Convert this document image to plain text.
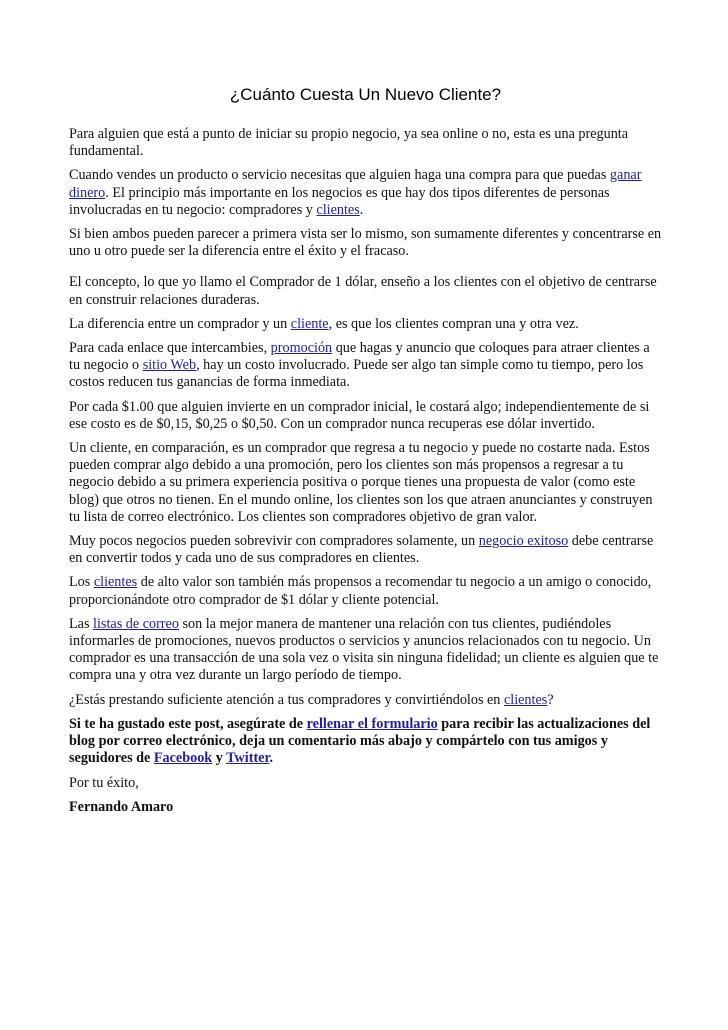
¿Cuánto Cuesta Un Nuevo Cliente?

Para alguien que está a punto de iniciar su propio negocio, ya sea online o no, esta es una pregunta fundamental.

Cuando vendes un producto o servicio necesitas que alguien haga una compra para que puedas ganar dinero. El principio más importante en los negocios es que hay dos tipos diferentes de personas involucradas en tu negocio: compradores y clientes.

Si bien ambos pueden parecer a primera vista ser lo mismo, son sumamente diferentes y concentrarse en uno u otro puede ser la diferencia entre el éxito y el fracaso.

El concepto, lo que yo llamo el Comprador de 1 dólar, enseño a los clientes con el objetivo de centrarse en construir relaciones duraderas.

La diferencia entre un comprador y un cliente, es que los clientes compran una y otra vez.

Para cada enlace que intercambies, promoción que hagas y anuncio que coloques para atraer clientes a tu negocio o sitio Web, hay un costo involucrado. Puede ser algo tan simple como tu tiempo, pero los costos reducen tus ganancias de forma inmediata.

Por cada $1.00 que alguien invierte en un comprador inicial, le costará algo; independientemente de si ese costo es de $0,15, $0,25 o $0,50. Con un comprador nunca recuperas ese dólar invertido.

Un cliente, en comparación, es un comprador que regresa a tu negocio y puede no costarte nada. Estos pueden comprar algo debido a una promoción, pero los clientes son más propensos a regresar a tu negocio debido a su primera experiencia positiva o porque tienes una propuesta de valor (como este blog) que otros no tienen. En el mundo online, los clientes son los que atraen anunciantes y construyen tu lista de correo electrónico. Los clientes son compradores objetivo de gran valor.

Muy pocos negocios pueden sobrevivir con compradores solamente, un negocio exitoso debe centrarse en convertir todos y cada uno de sus compradores en clientes.

Los clientes de alto valor son también más propensos a recomendar tu negocio a un amigo o conocido, proporcionándote otro comprador de $1 dólar y cliente potencial.

Las listas de correo son la mejor manera de mantener una relación con tus clientes, pudiéndoles informarles de promociones, nuevos productos o servicios y anuncios relacionados con tu negocio. Un comprador es una transacción de una sola vez o visita sin ninguna fidelidad; un cliente es alguien que te compra una y otra vez durante un largo período de tiempo.

¿Estás prestando suficiente atención a tus compradores y convirtiéndolos en clientes?

Si te ha gustado este post, asegúrate de rellenar el formulario para recibir las actualizaciones del blog por correo electrónico, deja un comentario más abajo y compártelo con tus amigos y seguidores de Facebook y Twitter.

Por tu éxito,

Fernando Amaro
